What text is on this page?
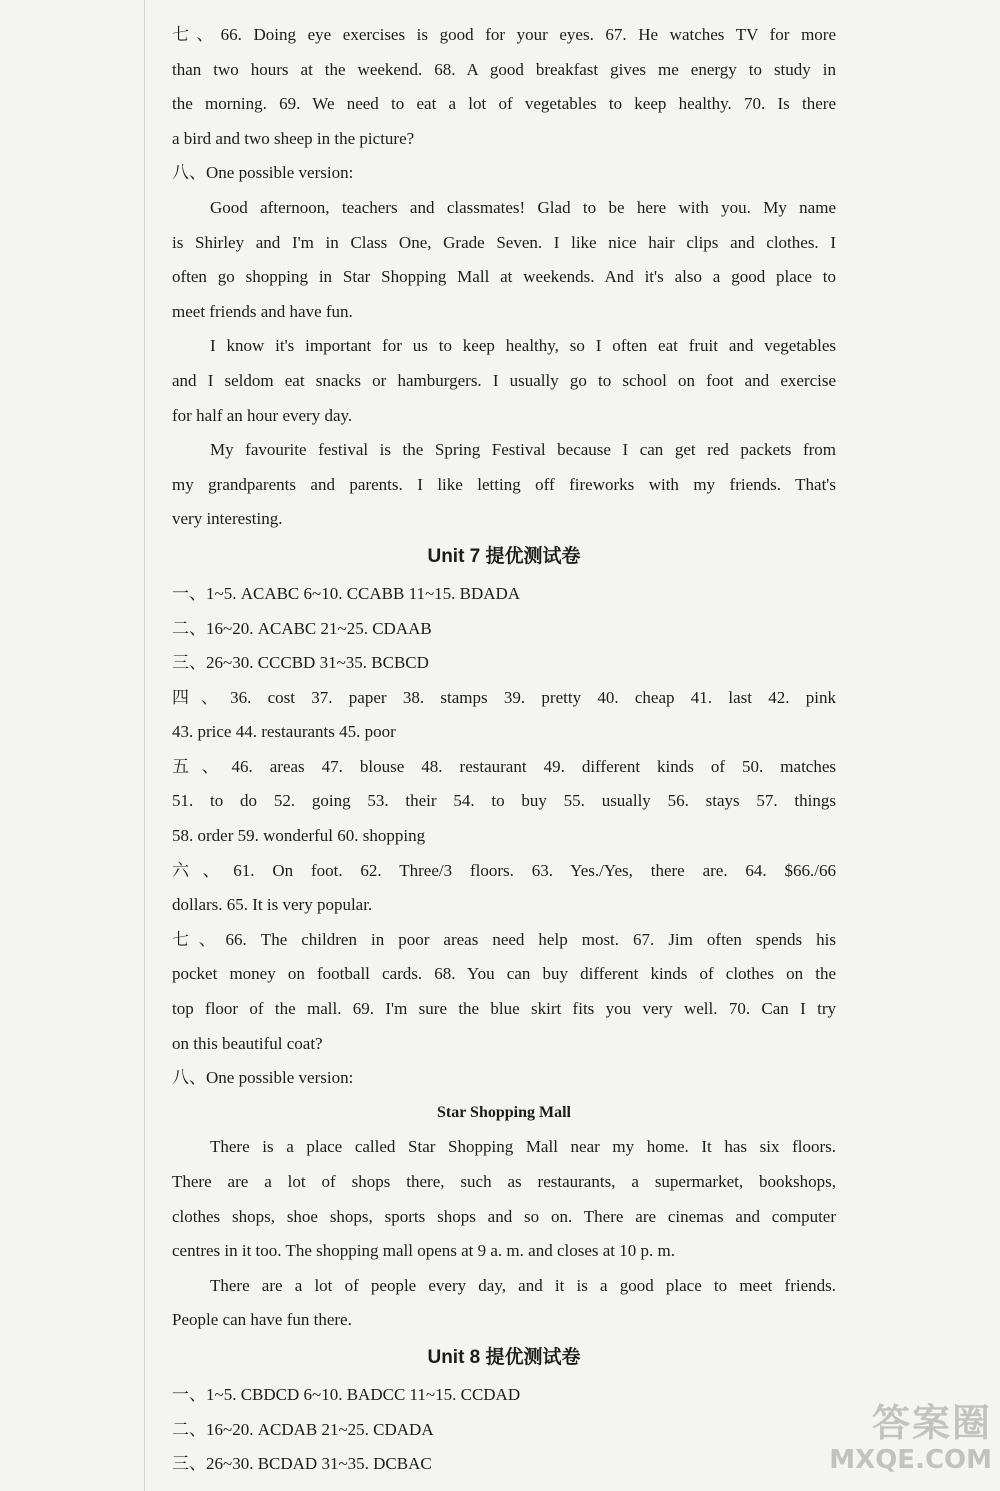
七、66. Doing eye exercises is good for your eyes. 67. He watches TV for more
than two hours at the weekend. 68. A good breakfast gives me energy to study in
the morning. 69. We need to eat a lot of vegetables to keep healthy. 70. Is there
a bird and two sheep in the picture?
八、One possible version:
Good afternoon, teachers and classmates! Glad to be here with you. My name
is Shirley and I'm in Class One, Grade Seven. I like nice hair clips and clothes. I
often go shopping in Star Shopping Mall at weekends. And it's also a good place to
meet friends and have fun.
I know it's important for us to keep healthy, so I often eat fruit and vegetables
and I seldom eat snacks or hamburgers. I usually go to school on foot and exercise
for half an hour every day.
My favourite festival is the Spring Festival because I can get red packets from
my grandparents and parents. I like letting off fireworks with my friends. That's
very interesting.
Unit 7 提优测试卷
一、1~5. ACABC 6~10. CCABB 11~15. BDADA
二、16~20. ACABC 21~25. CDAAB
三、26~30. CCCBD 31~35. BCBCD
四、36. cost 37. paper 38. stamps 39. pretty 40. cheap 41. last 42. pink
43. price 44. restaurants 45. poor
五、46. areas 47. blouse 48. restaurant 49. different kinds of 50. matches
51. to do 52. going 53. their 54. to buy 55. usually 56. stays 57. things
58. order 59. wonderful 60. shopping
六、61. On foot. 62. Three/3 floors. 63. Yes./Yes, there are. 64. $66./66
dollars. 65. It is very popular.
七、66. The children in poor areas need help most. 67. Jim often spends his
pocket money on football cards. 68. You can buy different kinds of clothes on the
top floor of the mall. 69. I'm sure the blue skirt fits you very well. 70. Can I try
on this beautiful coat?
八、One possible version:
Star Shopping Mall
There is a place called Star Shopping Mall near my home. It has six floors.
There are a lot of shops there, such as restaurants, a supermarket, bookshops,
clothes shops, shoe shops, sports shops and so on. There are cinemas and computer
centres in it too. The shopping mall opens at 9 a. m. and closes at 10 p. m.
There are a lot of people every day, and it is a good place to meet friends.
People can have fun there.
Unit 8 提优测试卷
一、1~5. CBDCD 6~10. BADCC 11~15. CCDAD
二、16~20. ACDAB 21~25. CDADA
三、26~30. BCDAD 31~35. DCBAC
答案圈
MXQE.COM
